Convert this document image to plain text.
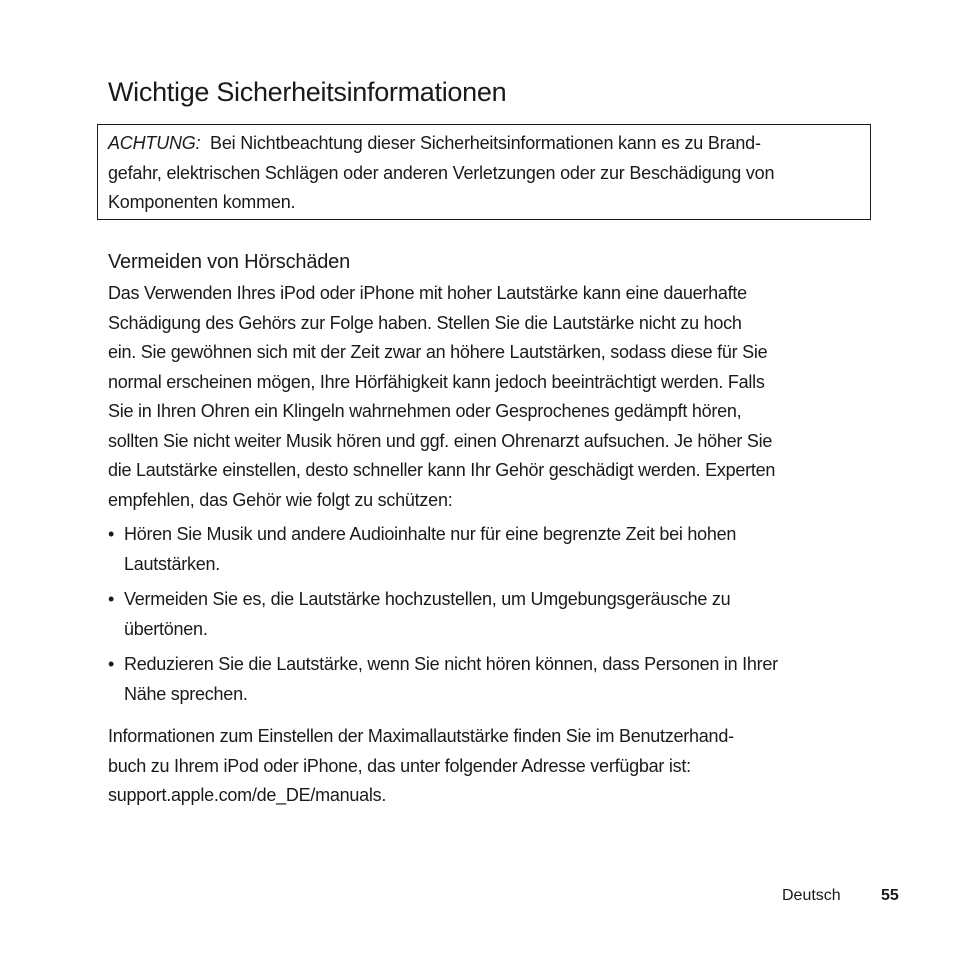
Wichtige Sicherheitsinformationen
ACHTUNG: Bei Nichtbeachtung dieser Sicherheitsinformationen kann es zu Brand-
gefahr, elektrischen Schlägen oder anderen Verletzungen oder zur Beschädigung von
Komponenten kommen.
Vermeiden von Hörschäden

Das Verwenden Ihres iPod oder iPhone mit hoher Lautstärke kann eine dauerhafte
Schädigung des Gehörs zur Folge haben. Stellen Sie die Lautstärke nicht zu hoch
ein. Sie gewöhnen sich mit der Zeit zwar an höhere Lautstärken, sodass diese für Sie
normal erscheinen mögen, Ihre Hörfähigkeit kann jedoch beeinträchtigt werden. Falls
Sie in Ihren Ohren ein Klingeln wahrnehmen oder Gesprochenes gedämpft hören,
sollten Sie nicht weiter Musik hören und ggf. einen Ohrenarzt aufsuchen. Je höher Sie
die Lautstärke einstellen, desto schneller kann Ihr Gehör geschädigt werden. Experten
empfehlen, das Gehör wie folgt zu schützen:

• Hören Sie Musik und andere Audioinhalte nur für eine begrenzte Zeit bei hohen
Lautstärken.
• Vermeiden Sie es, die Lautstärke hochzustellen, um Umgebungsgeräusche zu
übertönen.
• Reduzieren Sie die Lautstärke, wenn Sie nicht hören können, dass Personen in Ihrer
Nähe sprechen.

Informationen zum Einstellen der Maximallautstärke finden Sie im Benutzerhand-
buch zu Ihrem iPod oder iPhone, das unter folgender Adresse verfügbar ist:
support.apple.com/de_DE/manuals.

Deutsch	55
